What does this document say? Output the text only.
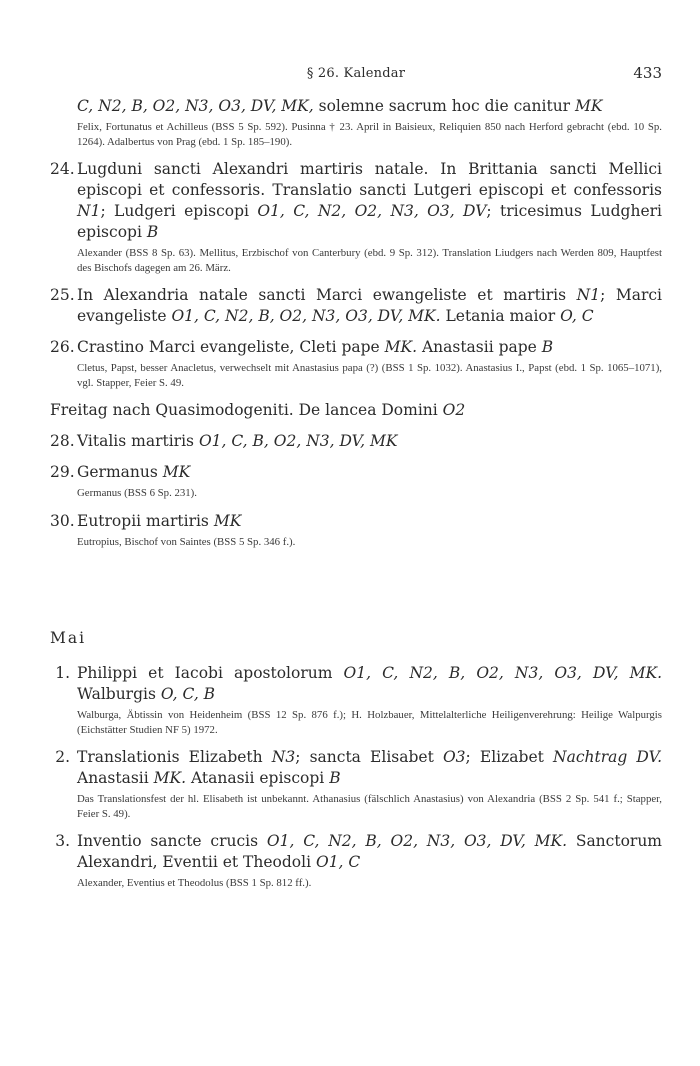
§ 26. Kalendar	433
C, N2, B, O2, N3, O3, DV, MK, solemne sacrum hoc die canitur MK
Felix, Fortunatus et Achilleus (BSS 5 Sp. 592). Pusinna † 23. April in Baisieux, Reliquien 850 nach Herford gebracht (ebd. 10 Sp. 1264). Adalbertus von Prag (ebd. 1 Sp. 185–190).
24. Lugduni sancti Alexandri martiris natale. In Brittania sancti Mellici episcopi et confessoris. Translatio sancti Lutgeri episcopi et confessoris N1; Ludgeri episcopi O1, C, N2, O2, N3, O3, DV; tricesimus Ludgheri episcopi B
Alexander (BSS 8 Sp. 63). Mellitus, Erzbischof von Canterbury (ebd. 9 Sp. 312). Translation Liudgers nach Werden 809, Hauptfest des Bischofs dagegen am 26. März.
25. In Alexandria natale sancti Marci ewangeliste et martiris N1; Marci evangeliste O1, C, N2, B, O2, N3, O3, DV, MK. Letania maior O, C
26. Crastino Marci evangeliste, Cleti pape MK. Anastasii pape B
Cletus, Papst, besser Anacletus, verwechselt mit Anastasius papa (?) (BSS 1 Sp. 1032). Anastasius I., Papst (ebd. 1 Sp. 1065–1071), vgl. Stapper, Feier S. 49.
Freitag nach Quasimodogeniti. De lancea Domini O2
28. Vitalis martiris O1, C, B, O2, N3, DV, MK
29. Germanus MK
Germanus (BSS 6 Sp. 231).
30. Eutropii martiris MK
Eutropius, Bischof von Saintes (BSS 5 Sp. 346 f.).
Mai
1. Philippi et Iacobi apostolorum O1, C, N2, B, O2, N3, O3, DV, MK. Walburgis O, C, B
Walburga, Äbtissin von Heidenheim (BSS 12 Sp. 876 f.); H. Holzbauer, Mittelalterliche Heiligenverehrung: Heilige Walpurgis (Eichstätter Studien NF 5) 1972.
2. Translationis Elizabeth N3; sancta Elisabet O3; Elizabet Nachtrag DV. Anastasii MK. Atanasii episcopi B
Das Translationsfest der hl. Elisabeth ist unbekannt. Athanasius (fälschlich Anastasius) von Alexandria (BSS 2 Sp. 541 f.; Stapper, Feier S. 49).
3. Inventio sancte crucis O1, C, N2, B, O2, N3, O3, DV, MK. Sanctorum Alexandri, Eventii et Theodoli O1, C
Alexander, Eventius et Theodolus (BSS 1 Sp. 812 ff.).
